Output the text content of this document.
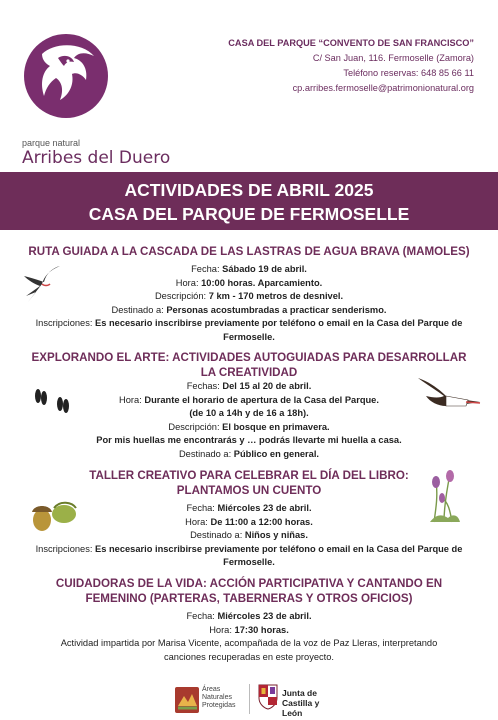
parque natural
Arribes del Duero
CASA DEL PARQUE “CONVENTO DE SAN FRANCISCO”
C/ San Juan, 116. Fermoselle (Zamora)
Teléfono reservas: 648 85 66 11
cp.arribes.fermoselle@patrimonionatural.org
ACTIVIDADES DE ABRIL 2025
CASA DEL PARQUE DE FERMOSELLE
RUTA GUIADA A LA CASCADA DE LAS LASTRAS DE AGUA BRAVA (MAMOLES)
Fecha: Sábado 19 de abril.
Hora: 10:00 horas. Aparcamiento.
Descripción: 7 km - 170 metros de desnivel.
Destinado a: Personas acostumbradas a practicar senderismo.
Inscripciones: Es necesario inscribirse previamente por teléfono o email en la Casa del Parque de
Fermoselle.
EXPLORANDO EL ARTE: ACTIVIDADES AUTOGUIADAS PARA DESARROLLAR
LA CREATIVIDAD
Fechas: Del 15 al 20 de abril.
Hora: Durante el horario de apertura de la Casa del Parque.
(de 10 a 14h y de 16 a 18h).
Descripción: El bosque en primavera.
Por mis huellas me encontrarás y … podrás llevarte mi huella a casa.
Destinado a: Público en general.
TALLER CREATIVO PARA CELEBRAR EL DÍA DEL LIBRO:
PLANTAMOS UN CUENTO
Fecha: Miércoles 23 de abril.
Hora: De 11:00 a 12:00 horas.
Destinado a: Niños y niñas.
Inscripciones: Es necesario inscribirse previamente por teléfono o email en la Casa del Parque de
Fermoselle.
CUIDADORAS DE LA VIDA: ACCIÓN PARTICIPATIVA Y CANTANDO EN
FEMENINO (PARTERAS, TABERNERAS Y OTROS OFICIOS)
Fecha: Miércoles 23 de abril.
Hora: 17:30 horas.
Actividad impartida por Marisa Vicente, acompañada de la voz de Paz Lleras, interpretando
canciones recuperadas en este proyecto.
Áreas
Naturales
Protegidas
Junta de
Castilla y León
